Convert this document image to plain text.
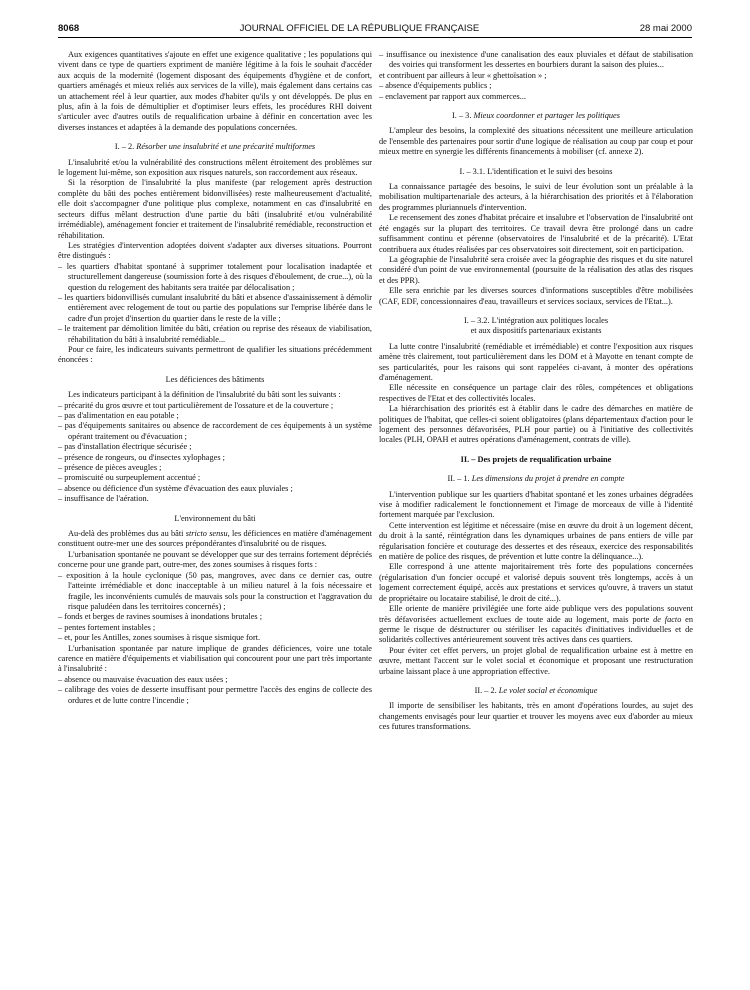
8068	JOURNAL OFFICIEL DE LA RÉPUBLIQUE FRANÇAISE	28 mai 2000

Aux exigences quantitatives s'ajoute en effet une exigence qualitative ; les populations qui vivent dans ce type de quartiers expriment de manière légitime à la fois le souhait d'accéder aux acquis de la modernité (logement disposant des équipements d'hygiène et de confort, quartiers aménagés et mieux reliés aux services de la ville), mais également dans certains cas un attachement réel à leur quartier, aux modes d'habiter qu'ils y ont développés. De plus en plus, afin à la fois de démultiplier et d'optimiser leurs effets, les procédures RHI doivent s'articuler avec d'autres outils de requalification urbaine à définir en concertation avec les diverses instances et adaptées à la demande des populations concernées.

I. – 2. Résorber une insalubrité et une précarité multiformes

L'insalubrité et/ou la vulnérabilité des constructions mêlent étroitement des problèmes sur le logement lui-même, son exposition aux risques naturels, son raccordement aux réseaux.

Si la résorption de l'insalubrité la plus manifeste (par relogement après destruction complète du bâti des poches entièrement bidonvillisées) reste malheureusement d'actualité, elle doit s'accompagner d'une politique plus complexe, notamment en cas d'insalubrité en secteurs diffus mêlant destruction d'une partie du bâti (insalubrité et/ou vulnérabilité irrémédiable), aménagement foncier et traitement de l'insalubrité remédiable, reconstruction et réhabilitation.

Les stratégies d'intervention adoptées doivent s'adapter aux diverses situations. Pourront être distingués :

– les quartiers d'habitat spontané à supprimer totalement pour localisation inadaptée et structurellement dangereuse (soumission forte à des risques d'éboulement, de crue...), où la question du relogement des habitants sera traitée par délocalisation ;
– les quartiers bidonvillisés cumulant insalubrité du bâti et absence d'assainissement à démolir entièrement avec relogement de tout ou partie des populations sur l'emprise libérée dans le cadre d'un projet d'insertion du quartier dans le reste de la ville ;
– le traitement par démolition limitée du bâti, création ou reprise des réseaux de viabilisation, réhabilitation du bâti à insalubrité remédiable...

Pour ce faire, les indicateurs suivants permettront de qualifier les situations précédemment énoncées :

Les déficiences des bâtiments

Les indicateurs participant à la définition de l'insalubrité du bâti sont les suivants :

– précarité du gros œuvre et tout particulièrement de l'ossature et de la couverture ;
– pas d'alimentation en eau potable ;
– pas d'équipements sanitaires ou absence de raccordement de ces équipements à un système opérant traitement ou d'évacuation ;
– pas d'installation électrique sécurisée ;
– présence de rongeurs, ou d'insectes xylophages ;
– présence de pièces aveugles ;
– promiscuité ou surpeuplement accentué ;
– absence ou déficience d'un système d'évacuation des eaux pluviales ;
– insuffisance de l'aération.

L'environnement du bâti

Au-delà des problèmes dus au bâti stricto sensu, les déficiences en matière d'aménagement constituent outre-mer une des sources prépondérantes d'insalubrité ou de risques.

L'urbanisation spontanée ne pouvant se développer que sur des terrains fortement dépréciés concerne pour une grande part, outre-mer, des zones soumises à risques forts :

– exposition à la houle cyclonique (50 pas, mangroves, avec dans ce dernier cas, outre l'atteinte irrémédiable et donc inacceptable à un milieu naturel à la fois nécessaire et fragile, les inconvénients cumulés de mauvais sols pour la construction et l'aggravation du risque paludéen dans les territoires concernés) ;
– fonds et berges de ravines soumises à inondations brutales ;
– pentes fortement instables ;
– et, pour les Antilles, zones soumises à risque sismique fort.

L'urbanisation spontanée par nature implique de grandes déficiences, voire une totale carence en matière d'équipements et viabilisation qui concourent pour une part très importante à l'insalubrité :

– absence ou mauvaise évacuation des eaux usées ;
– calibrage des voies de desserte insuffisant pour permettre l'accès des engins de collecte des ordures et de lutte contre l'incendie ;
– insuffisance ou inexistence d'une canalisation des eaux pluviales et défaut de stabilisation des voiries qui transforment les dessertes en bourbiers durant la saison des pluies...

et contribuent par ailleurs à leur « ghettoïsation » ;

– absence d'équipements publics ;
– enclavement par rapport aux commerces...

I. – 3. Mieux coordonner et partager les politiques

L'ampleur des besoins, la complexité des situations nécessitent une meilleure articulation de l'ensemble des partenaires pour sortir d'une logique de réalisation au coup par coup et pour mieux mettre en synergie les différents financements à mobiliser (cf. annexe 2).

I. – 3.1. L'identification et le suivi des besoins

La connaissance partagée des besoins, le suivi de leur évolution sont un préalable à la mobilisation multipartenariale des acteurs, à la hiérarchisation des priorités et à l'élaboration des programmes pluriannuels d'intervention.

Le recensement des zones d'habitat précaire et insalubre et l'observation de l'insalubrité ont été engagés sur la plupart des territoires. Ce travail devra être prolongé dans un cadre suffisamment continu et pérenne (observatoires de l'insalubrité et de la précarité). L'Etat contribuera aux études réalisées par ces observatoires soit directement, soit en participation.

La géographie de l'insalubrité sera croisée avec la géographie des risques et du site naturel considéré d'un point de vue environnemental (poursuite de la réalisation des atlas des risques et des PPR).

Elle sera enrichie par les diverses sources d'informations susceptibles d'être mobilisées (CAF, EDF, concessionnaires d'eau, travailleurs et services sociaux, services de l'Etat...).

I. – 3.2. L'intégration aux politiques locales
et aux dispositifs partenariaux existants

La lutte contre l'insalubrité (remédiable et irrémédiable) et contre l'exposition aux risques amène très clairement, tout particulièrement dans les DOM et à Mayotte en tenant compte de ses particularités, pour les raisons qui sont rappelées ci-avant, à monter des opérations d'aménagement.

Elle nécessite en conséquence un partage clair des rôles, compétences et obligations respectives de l'Etat et des collectivités locales.

La hiérarchisation des priorités est à établir dans le cadre des démarches en matière de politiques de l'habitat, que celles-ci soient obligatoires (plans départementaux d'action pour le logement des personnes défavorisées, PLH pour partie) ou à l'initiative des collectivités locales (PLH, OPAH et autres opérations d'aménagement, contrats de ville).

II. – Des projets de requalification urbaine

II. – 1. Les dimensions du projet à prendre en compte

L'intervention publique sur les quartiers d'habitat spontané et les zones urbaines dégradées vise à modifier radicalement le fonctionnement et l'image de morceaux de ville à l'identité fortement marquée par l'exclusion.

Cette intervention est légitime et nécessaire (mise en œuvre du droit à un logement décent, du droit à la santé, réintégration dans les dynamiques urbaines de pans entiers de ville par régularisation foncière et couturage des dessertes et des réseaux, exercice des responsabilités en matière de police des risques, de prévention et lutte contre la délinquance...).

Elle correspond à une attente majoritairement très forte des populations concernées (régularisation d'un foncier occupé et valorisé depuis souvent très longtemps, accès à un logement correctement équipé, accès aux prestations et services qu'ouvre, à travers un statut de propriétaire ou locataire stabilisé, le droit de cité...).

Elle oriente de manière privilégiée une forte aide publique vers des populations souvent très défavorisées actuellement exclues de toute aide au logement, mais porte de facto en germe le risque de déstructurer ou stériliser les capacités d'initiatives individuelles et de solidarités collectives antérieurement souvent très actives dans ces quartiers.

Pour éviter cet effet pervers, un projet global de requalification urbaine est à mettre en œuvre, mettant l'accent sur le volet social et économique et proposant une restructuration urbaine laissant place à une appropriation effective.

II. – 2. Le volet social et économique

Il importe de sensibiliser les habitants, très en amont d'opérations lourdes, au sujet des changements envisagés pour leur quartier et trouver les moyens avec eux d'aborder au mieux ces futures transformations.
